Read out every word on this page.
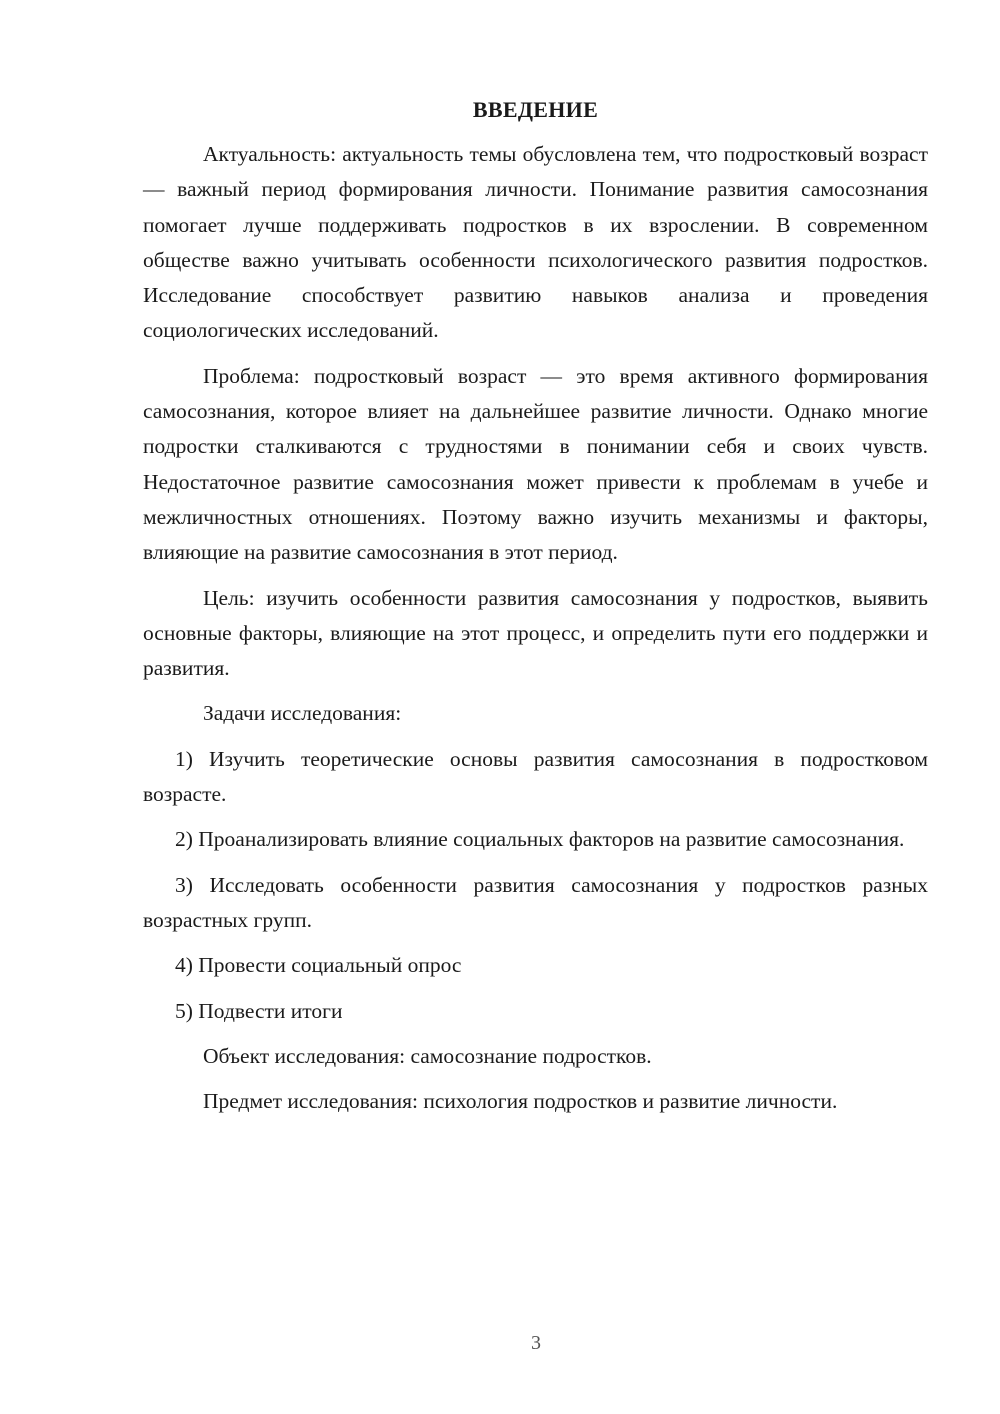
ВВЕДЕНИЕ

Актуальность: актуальность темы обусловлена тем, что подростковый возраст — важный период формирования личности. Понимание развития самосознания помогает лучше поддерживать подростков в их взрослении. В современном обществе важно учитывать особенности психологического развития подростков. Исследование способствует развитию навыков анализа и проведения социологических исследований.

Проблема: подростковый возраст — это время активного формирования самосознания, которое влияет на дальнейшее развитие личности. Однако многие подростки сталкиваются с трудностями в понимании себя и своих чувств. Недостаточное развитие самосознания может привести к проблемам в учебе и межличностных отношениях. Поэтому важно изучить механизмы и факторы, влияющие на развитие самосознания в этот период.

Цель: изучить особенности развития самосознания у подростков, выявить основные факторы, влияющие на этот процесс, и определить пути его поддержки и развития.

Задачи исследования:

1) Изучить теоретические основы развития самосознания в подростковом возрасте.

2) Проанализировать влияние социальных факторов на развитие самосознания.

3) Исследовать особенности развития самосознания у подростков разных возрастных групп.

4) Провести социальный опрос

5) Подвести итоги

Объект исследования: самосознание подростков.

Предмет исследования: психология подростков и развитие личности.

3
